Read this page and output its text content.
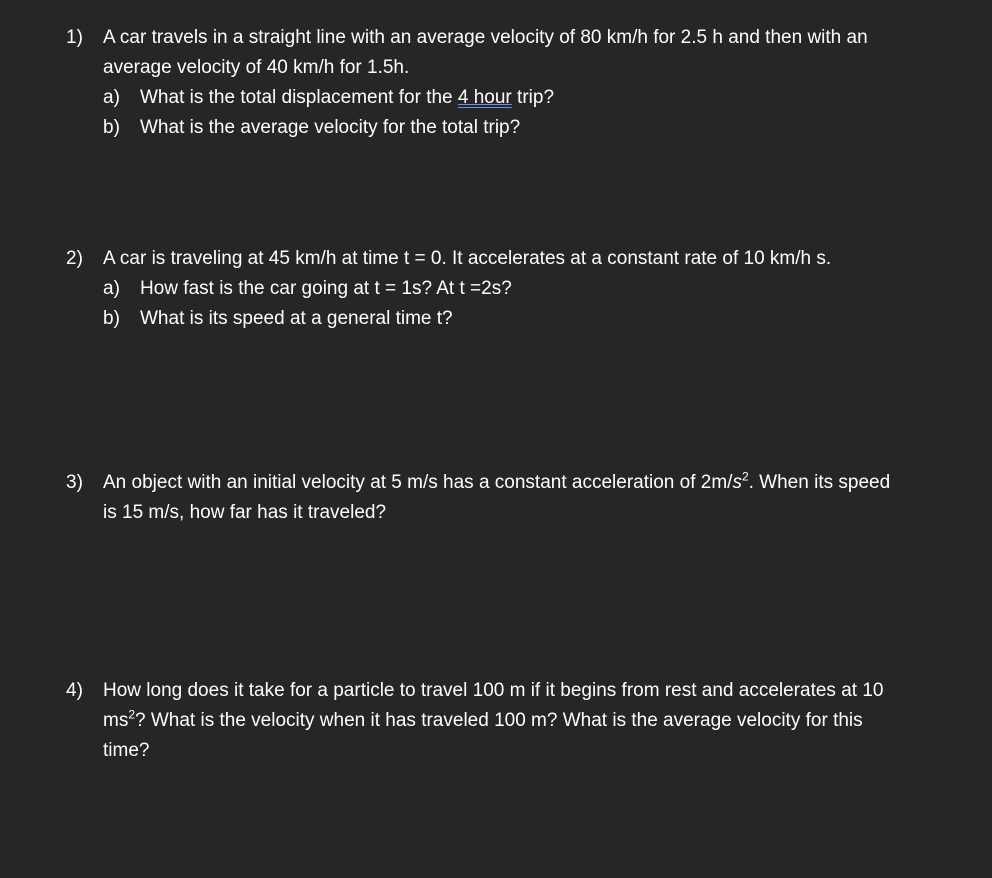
1)	A car travels in a straight line with an average velocity of 80 km/h for 2.5 h and then with an
average velocity of 40 km/h for 1.5h.
a)	What is the total displacement for the 4 hour trip?
b)	What is the average velocity for the total trip?
2)	A car is traveling at 45 km/h at time t = 0. It accelerates at a constant rate of 10 km/h s.
a)	How fast is the car going at t = 1s? At t =2s?
b)	What is its speed at a general time t?
3)	An object with an initial velocity at 5 m/s has a constant acceleration of $2m/s^2$. When its speed
is 15 m/s, how far has it traveled?
4)	How long does it take for a particle to travel 100 m if it begins from rest and accelerates at 10
$ms^2$? What is the velocity when it has traveled 100 m? What is the average velocity for this
time?
